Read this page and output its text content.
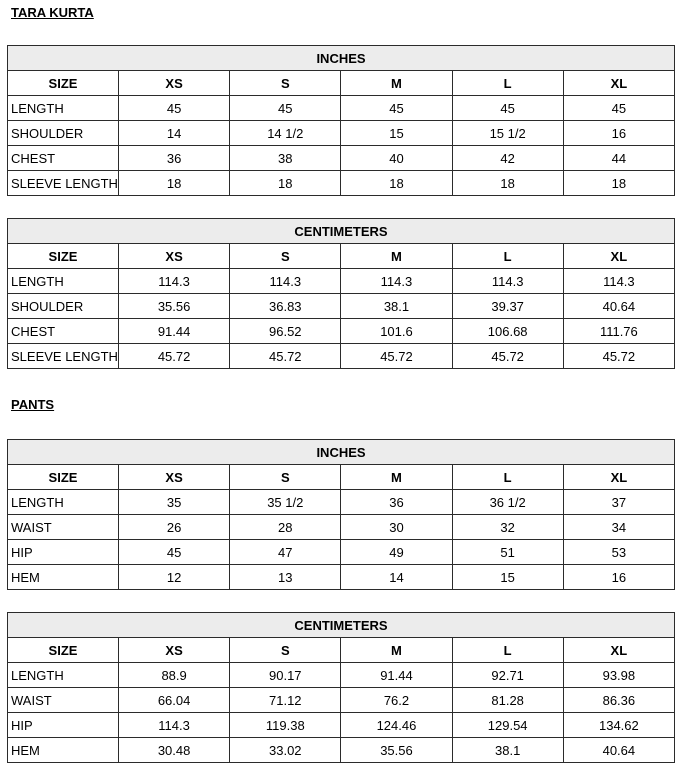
TARA KURTA
INCHES					
SIZE	XS	S	M	L	XL
LENGTH	45	45	45	45	45
SHOULDER	14	14 1/2	15	15 1/2	16
CHEST	36	38	40	42	44
SLEEVE LENGTH	18	18	18	18	18
CENTIMETERS					
SIZE	XS	S	M	L	XL
LENGTH	114.3	114.3	114.3	114.3	114.3
SHOULDER	35.56	36.83	38.1	39.37	40.64
CHEST	91.44	96.52	101.6	106.68	111.76
SLEEVE LENGTH	45.72	45.72	45.72	45.72	45.72
PANTS
INCHES					
SIZE	XS	S	M	L	XL
LENGTH	35	35 1/2	36	36 1/2	37
WAIST	26	28	30	32	34
HIP	45	47	49	51	53
HEM	12	13	14	15	16
CENTIMETERS					
SIZE	XS	S	M	L	XL
LENGTH	88.9	90.17	91.44	92.71	93.98
WAIST	66.04	71.12	76.2	81.28	86.36
HIP	114.3	119.38	124.46	129.54	134.62
HEM	30.48	33.02	35.56	38.1	40.64
